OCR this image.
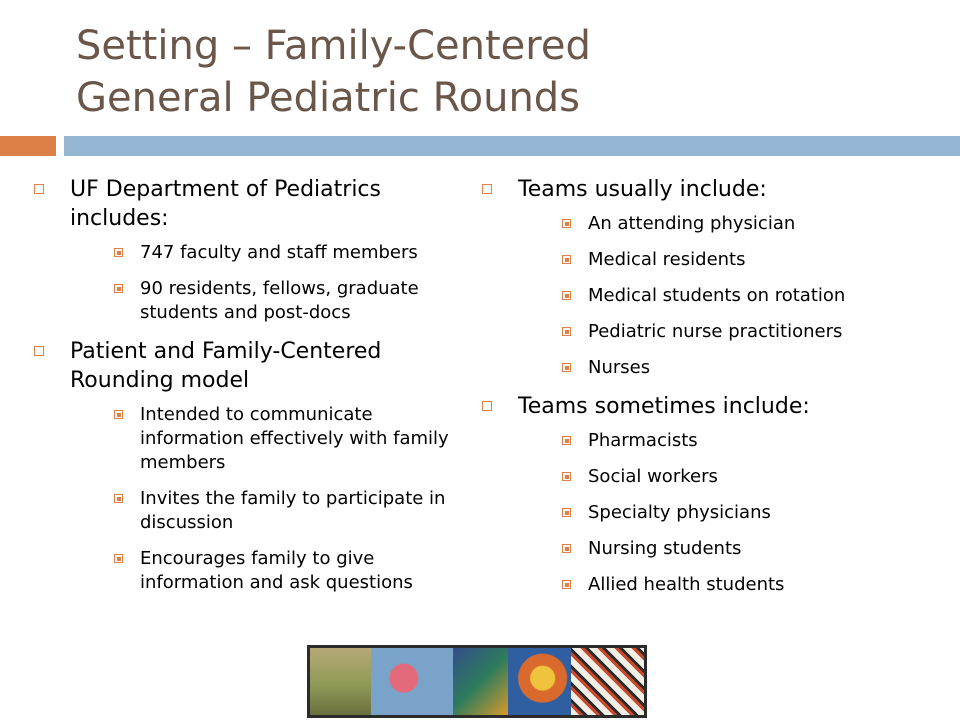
Setting – Family-Centered
General Pediatric Rounds
UF Department of Pediatrics includes:
747 faculty and staff members
90 residents, fellows, graduate students and post-docs
Patient and Family-Centered Rounding model
Intended to communicate information effectively with family members
Invites the family to participate in discussion
Encourages family to give information and ask questions
Teams usually include:
An attending physician
Medical residents
Medical students on rotation
Pediatric nurse practitioners
Nurses
Teams sometimes include:
Pharmacists
Social workers
Specialty physicians
Nursing students
Allied health students
